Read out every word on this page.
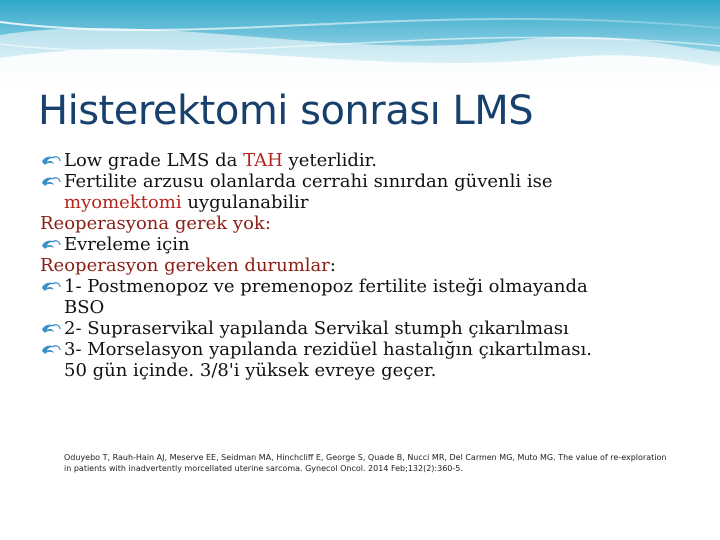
Histerektomi sonrası LMS
Low grade LMS da TAH yeterlidir.
Fertilite arzusu olanlarda cerrahi sınırdan güvenli ise
myomektomi uygulanabilir
Reoperasyona gerek yok:
Evreleme için
Reoperasyon gereken durumlar:
1- Postmenopoz ve premenopoz fertilite isteği olmayanda
BSO
2- Supraservikal yapılanda Servikal stumph çıkarılması
3- Morselasyon yapılanda rezidüel hastalığın çıkartılması.
50 gün içinde. 3/8'i yüksek evreye geçer.
Oduyebo T, Rauh-Hain AJ, Meserve EE, Seidman MA, Hinchcliff E, George S, Quade B, Nucci MR, Del Carmen MG, Muto MG. The value of re-exploration in patients with inadvertently morcellated uterine sarcoma. Gynecol Oncol. 2014 Feb;132(2):360-5.
